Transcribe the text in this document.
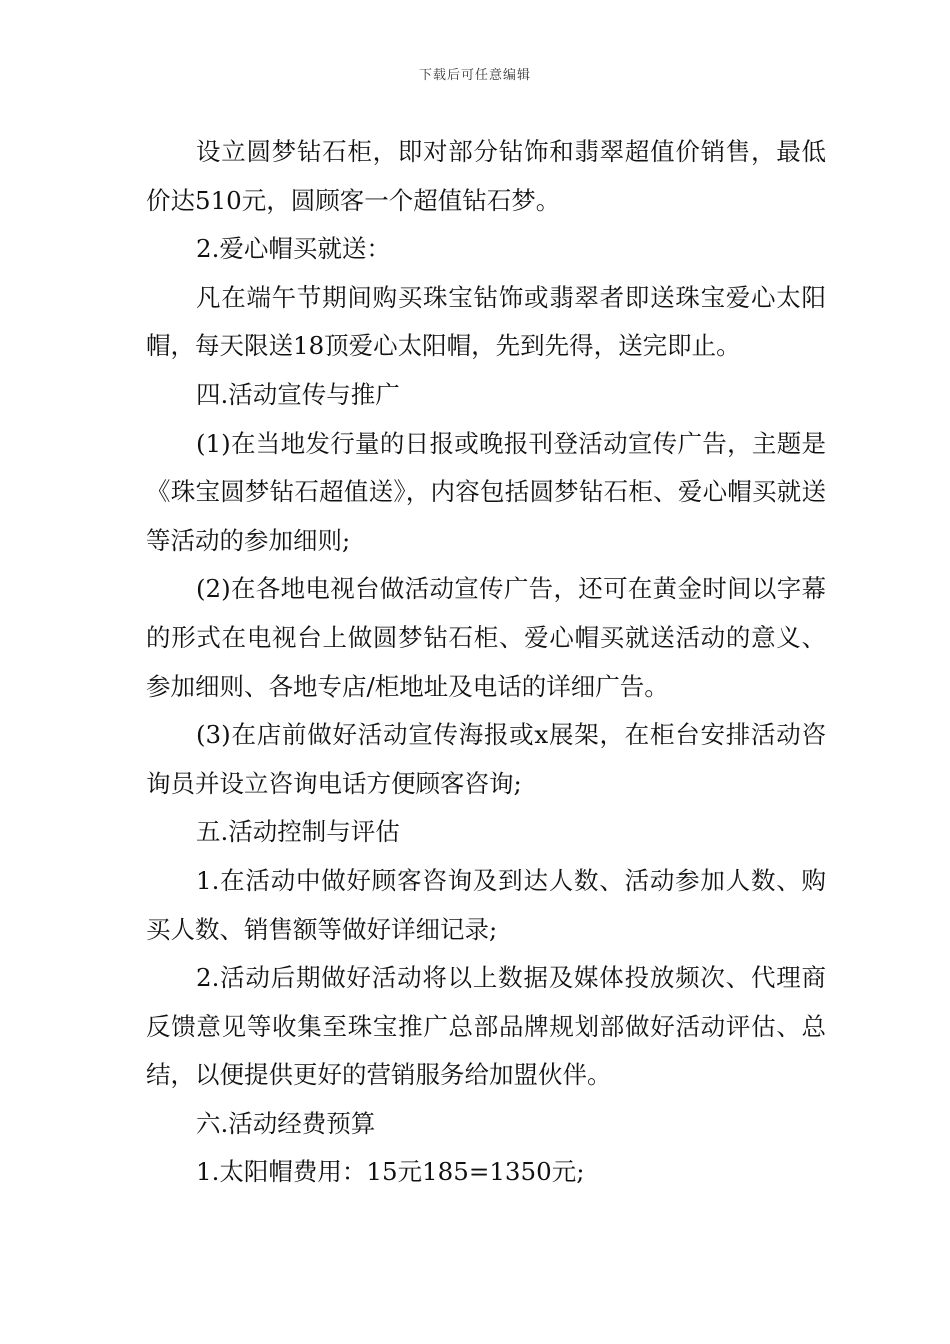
下载后可任意编辑

设立圆梦钻石柜，即对部分钻饰和翡翠超值价销售，最低价达510元，圆顾客一个超值钻石梦。

2.爱心帽买就送：

凡在端午节期间购买珠宝钻饰或翡翠者即送珠宝爱心太阳帽，每天限送18顶爱心太阳帽，先到先得，送完即止。

四.活动宣传与推广

(1)在当地发行量的日报或晚报刊登活动宣传广告，主题是《珠宝圆梦钻石超值送》，内容包括圆梦钻石柜、爱心帽买就送等活动的参加细则;

(2)在各地电视台做活动宣传广告，还可在黄金时间以字幕的形式在电视台上做圆梦钻石柜、爱心帽买就送活动的意义、参加细则、各地专店/柜地址及电话的详细广告。

(3)在店前做好活动宣传海报或x展架，在柜台安排活动咨询员并设立咨询电话方便顾客咨询;

五.活动控制与评估

1.在活动中做好顾客咨询及到达人数、活动参加人数、购买人数、销售额等做好详细记录;

2.活动后期做好活动将以上数据及媒体投放频次、代理商反馈意见等收集至珠宝推广总部品牌规划部做好活动评估、总结，以便提供更好的营销服务给加盟伙伴。

六.活动经费预算

1.太阳帽费用：15元185=1350元;
